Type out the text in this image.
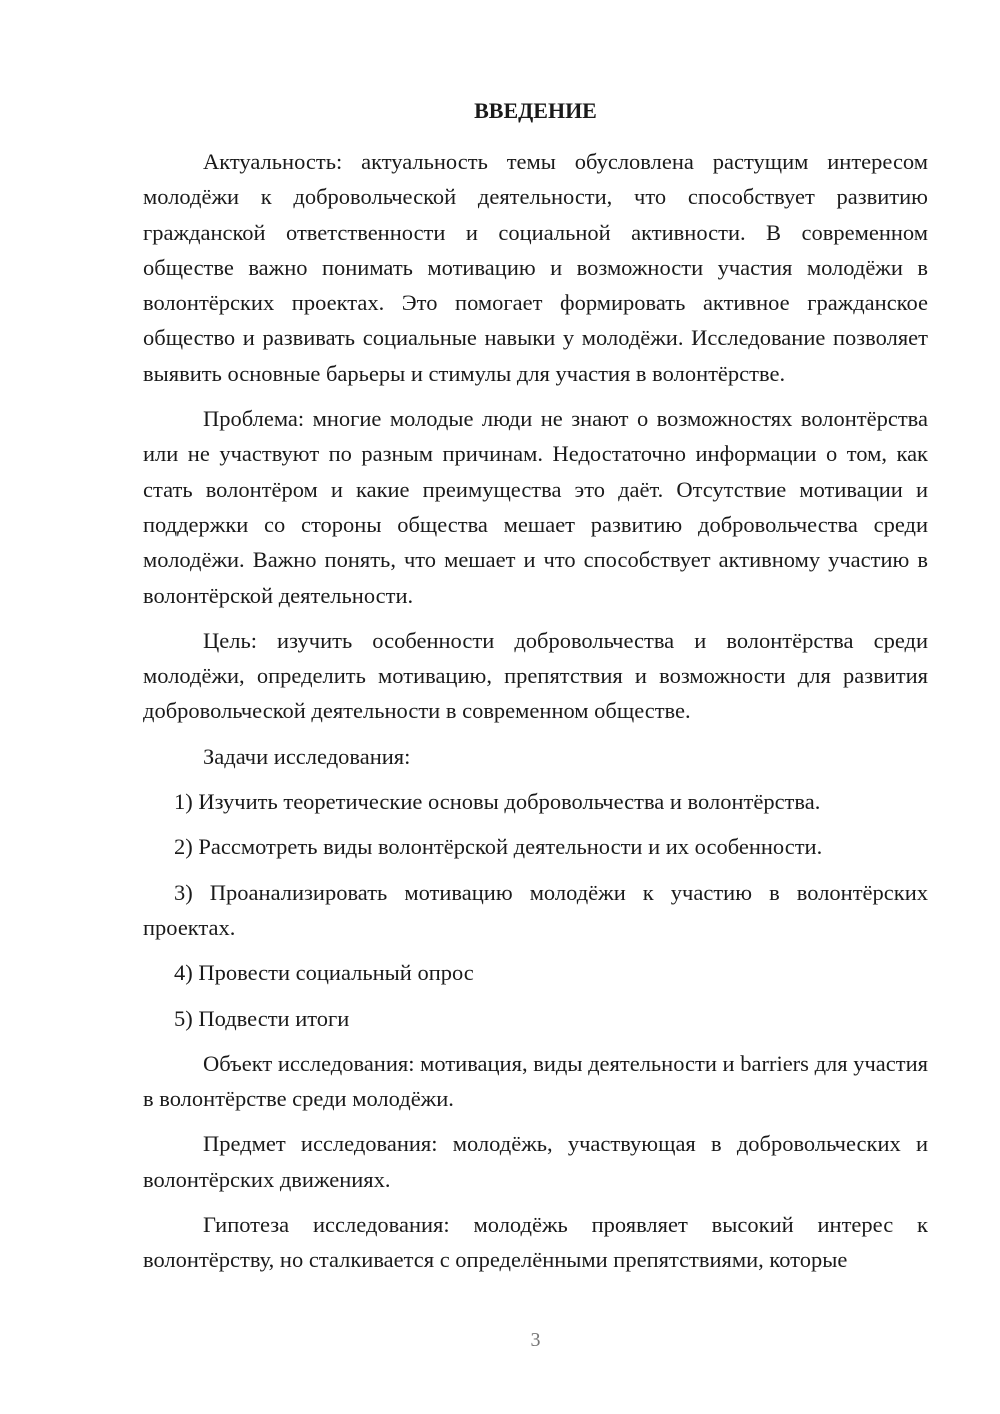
ВВЕДЕНИЕ

Актуальность: актуальность темы обусловлена растущим интересом молодёжи к добровольческой деятельности, что способствует развитию гражданской ответственности и социальной активности. В современном обществе важно понимать мотивацию и возможности участия молодёжи в волонтёрских проектах. Это помогает формировать активное гражданское общество и развивать социальные навыки у молодёжи. Исследование позволяет выявить основные барьеры и стимулы для участия в волонтёрстве.

Проблема: многие молодые люди не знают о возможностях волонтёрства или не участвуют по разным причинам. Недостаточно информации о том, как стать волонтёром и какие преимущества это даёт. Отсутствие мотивации и поддержки со стороны общества мешает развитию добровольчества среди молодёжи. Важно понять, что мешает и что способствует активному участию в волонтёрской деятельности.

Цель: изучить особенности добровольчества и волонтёрства среди молодёжи, определить мотивацию, препятствия и возможности для развития добровольческой деятельности в современном обществе.

Задачи исследования:

1) Изучить теоретические основы добровольчества и волонтёрства.

2) Рассмотреть виды волонтёрской деятельности и их особенности.

3) Проанализировать мотивацию молодёжи к участию в волонтёрских проектах.

4) Провести социальный опрос

5) Подвести итоги

Объект исследования: мотивация, виды деятельности и barriers для участия в волонтёрстве среди молодёжи.

Предмет исследования: молодёжь, участвующая в добровольческих и волонтёрских движениях.

Гипотеза исследования: молодёжь проявляет высокий интерес к волонтёрству, но сталкивается с определёнными препятствиями, которые

3
